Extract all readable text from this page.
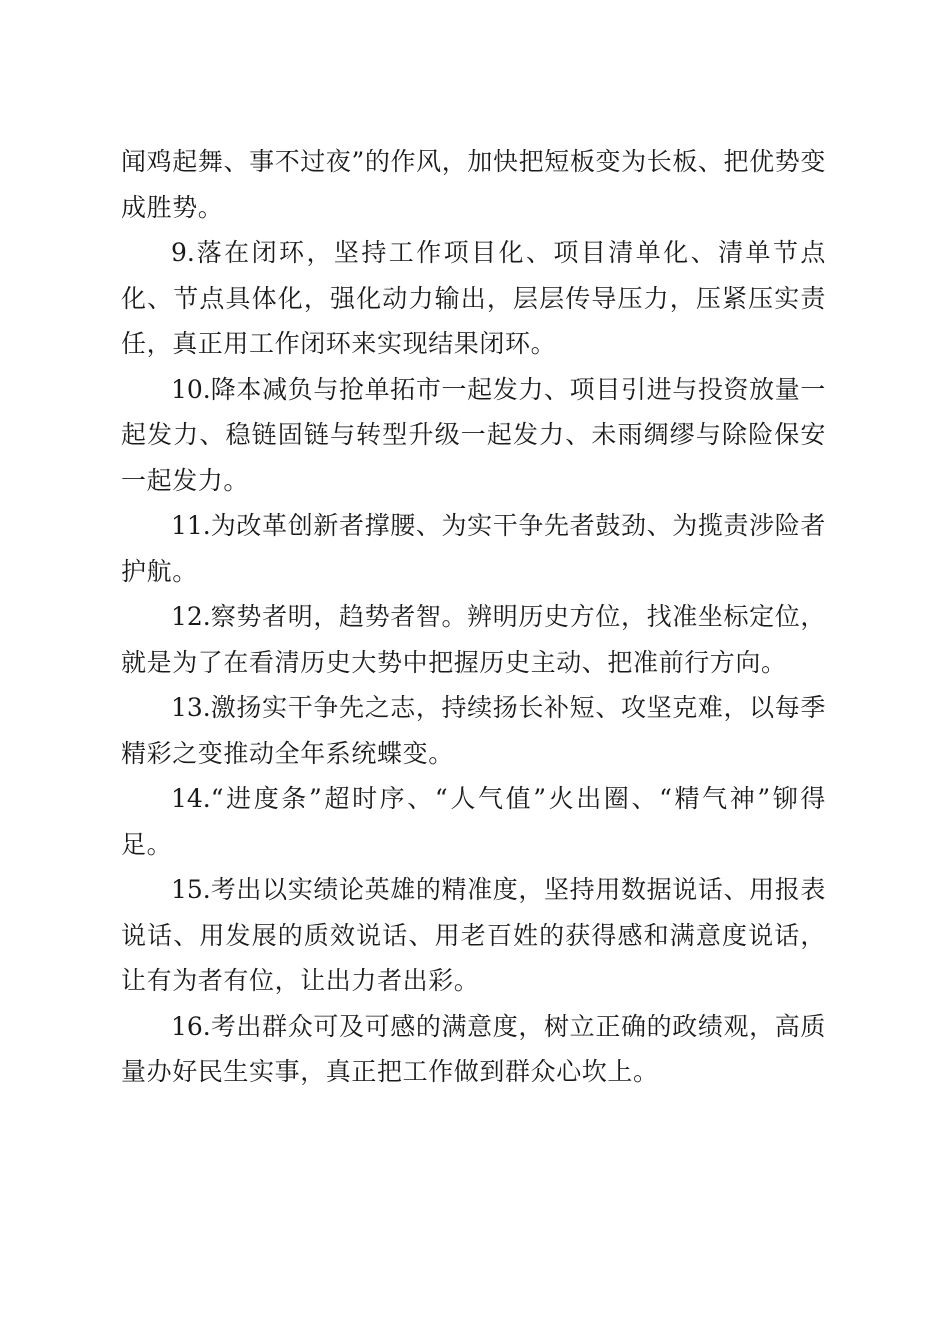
闻鸡起舞、事不过夜”的作风，加快把短板变为长板、把优势变成胜势。

9.落在闭环，坚持工作项目化、项目清单化、清单节点化、节点具体化，强化动力输出，层层传导压力，压紧压实责任，真正用工作闭环来实现结果闭环。

10.降本减负与抢单拓市一起发力、项目引进与投资放量一起发力、稳链固链与转型升级一起发力、未雨绸缪与除险保安一起发力。

11.为改革创新者撑腰、为实干争先者鼓劲、为揽责涉险者护航。

12.察势者明，趋势者智。辨明历史方位，找准坐标定位，就是为了在看清历史大势中把握历史主动、把准前行方向。

13.激扬实干争先之志，持续扬长补短、攻坚克难，以每季精彩之变推动全年系统蝶变。

14.“进度条”超时序、“人气值”火出圈、“精气神”铆得足。

15.考出以实绩论英雄的精准度，坚持用数据说话、用报表说话、用发展的质效说话、用老百姓的获得感和满意度说话，让有为者有位，让出力者出彩。

16.考出群众可及可感的满意度，树立正确的政绩观，高质量办好民生实事，真正把工作做到群众心坎上。
